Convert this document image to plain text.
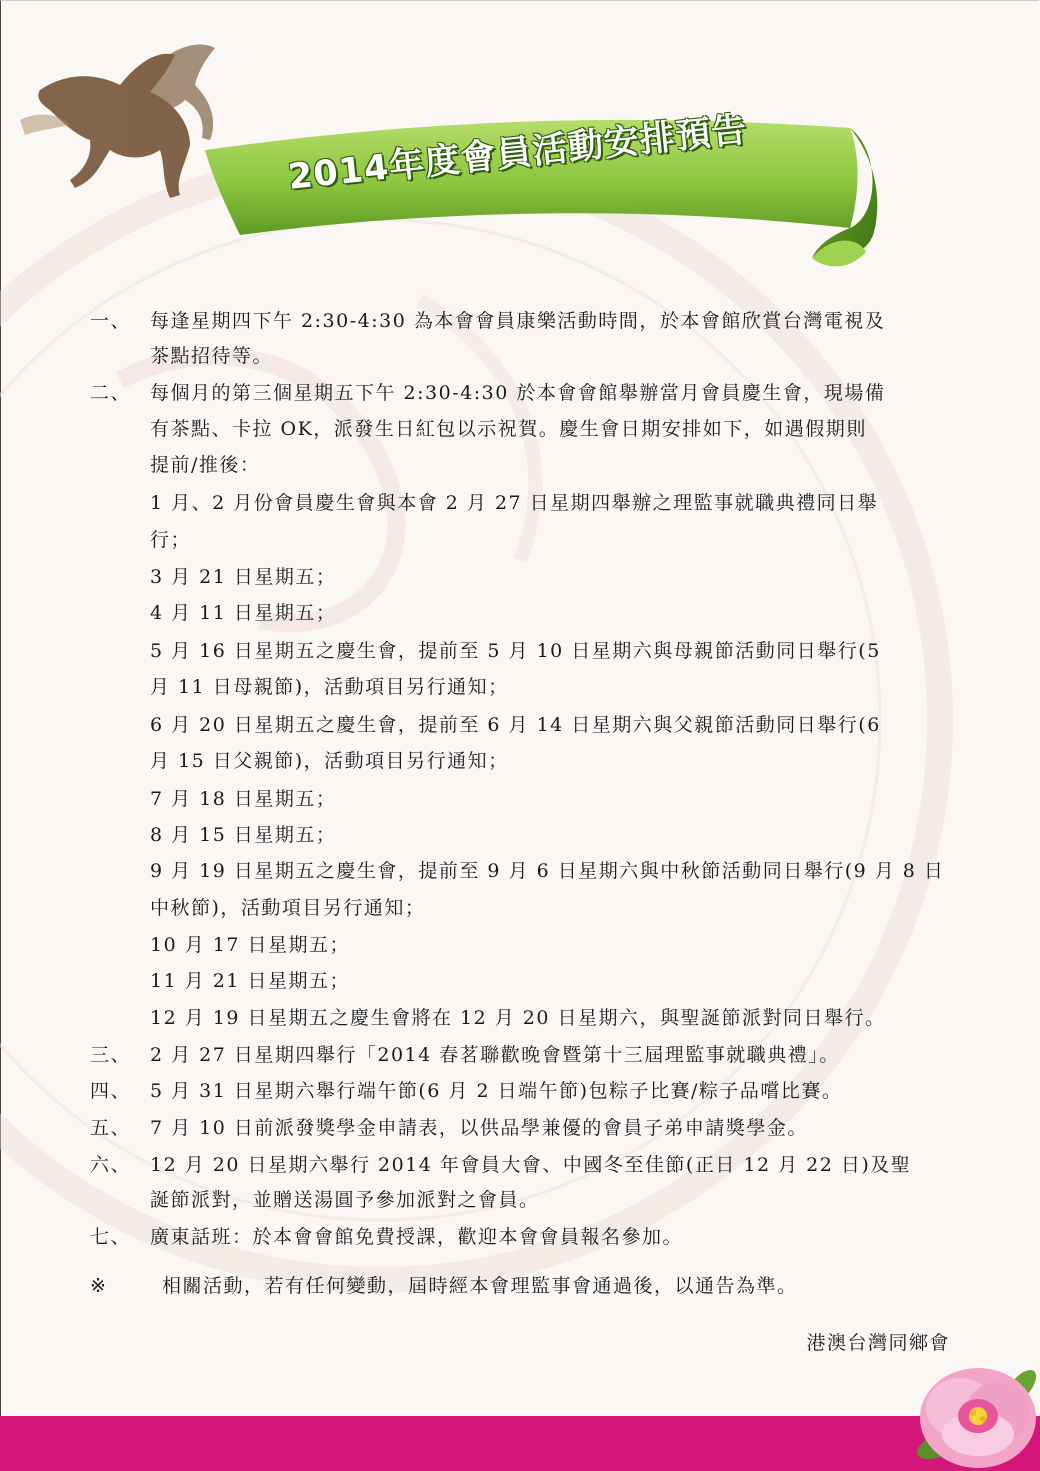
2014年度會員活動安排預告
一、 每逢星期四下午 2:30-4:30 為本會會員康樂活動時間，於本會館欣賞台灣電視及
茶點招待等。
二、 每個月的第三個星期五下午 2:30-4:30 於本會會館舉辦當月會員慶生會，現場備
有茶點、卡拉 OK，派發生日紅包以示祝賀。慶生會日期安排如下，如遇假期則
提前/推後：
1 月、2 月份會員慶生會與本會 2 月 27 日星期四舉辦之理監事就職典禮同日舉
行；
3 月 21 日星期五；
4 月 11 日星期五；
5 月 16 日星期五之慶生會，提前至 5 月 10 日星期六與母親節活動同日舉行(5
月 11 日母親節)，活動項目另行通知；
6 月 20 日星期五之慶生會，提前至 6 月 14 日星期六與父親節活動同日舉行(6
月 15 日父親節)，活動項目另行通知；
7 月 18 日星期五；
8 月 15 日星期五；
9 月 19 日星期五之慶生會，提前至 9 月 6 日星期六與中秋節活動同日舉行(9 月 8 日
中秋節)，活動項目另行通知；
10 月 17 日星期五；
11 月 21 日星期五；
12 月 19 日星期五之慶生會將在 12 月 20 日星期六，與聖誕節派對同日舉行。
三、 2 月 27 日星期四舉行「2014 春茗聯歡晚會暨第十三屆理監事就職典禮」。
四、 5 月 31 日星期六舉行端午節(6 月 2 日端午節)包粽子比賽/粽子品嚐比賽。
五、 7 月 10 日前派發獎學金申請表，以供品學兼優的會員子弟申請獎學金。
六、 12 月 20 日星期六舉行 2014 年會員大會、中國冬至佳節(正日 12 月 22 日)及聖
誕節派對，並贈送湯圓予參加派對之會員。
七、 廣東話班：於本會會館免費授課，歡迎本會會員報名參加。
※	相關活動，若有任何變動，屆時經本會理監事會通過後，以通告為準。
港澳台灣同鄉會
